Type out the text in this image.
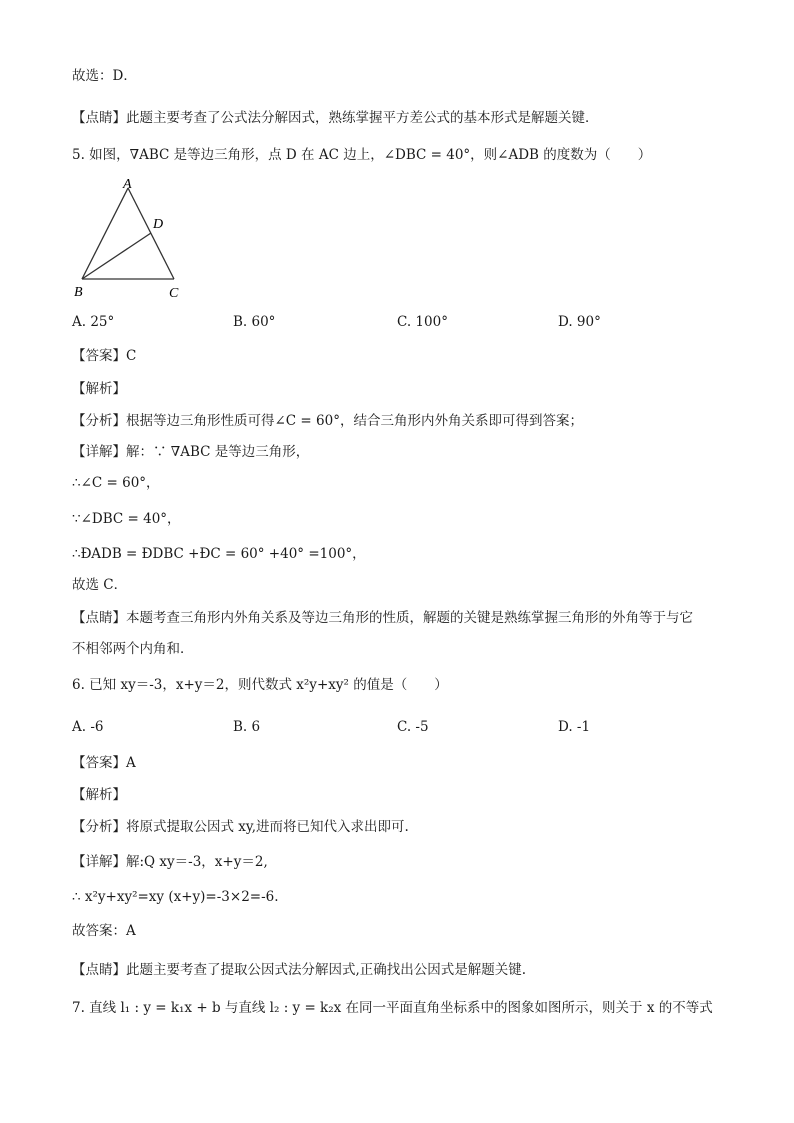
故选：D．
【点睛】此题主要考查了公式法分解因式，熟练掌握平方差公式的基本形式是解题关键．
5. 如图，∇ABC 是等边三角形，点 D 在 AC 边上，∠DBC = 40°，则∠ADB 的度数为（　　）
A
D
B	C
A. 25°	B. 60°	C. 100°	D. 90°
【答案】C
【解析】
【分析】根据等边三角形性质可得∠C = 60°，结合三角形内外角关系即可得到答案；
【详解】解：∵ ∇ABC 是等边三角形，
∴∠C = 60°，
∵∠DBC = 40°，
∴ÐADB = ÐDBC +ÐC = 60° +40° =100°，
故选 C．
【点睛】本题考查三角形内外角关系及等边三角形的性质，解题的关键是熟练掌握三角形的外角等于与它
不相邻两个内角和．
6. 已知 xy＝-3，x+y＝2，则代数式 x²y+xy² 的值是（　　）
A. -6	B. 6	C. -5	D. -1
【答案】A
【解析】
【分析】将原式提取公因式 xy,进而将已知代入求出即可.
【详解】解:Q xy＝-3，x+y＝2,
∴ x²y+xy²=xy (x+y)=-3×2=-6.
故答案：A
【点睛】此题主要考查了提取公因式法分解因式,正确找出公因式是解题关键.
7. 直线 l₁ : y = k₁x + b 与直线 l₂ : y = k₂x 在同一平面直角坐标系中的图象如图所示，则关于 x 的不等式
